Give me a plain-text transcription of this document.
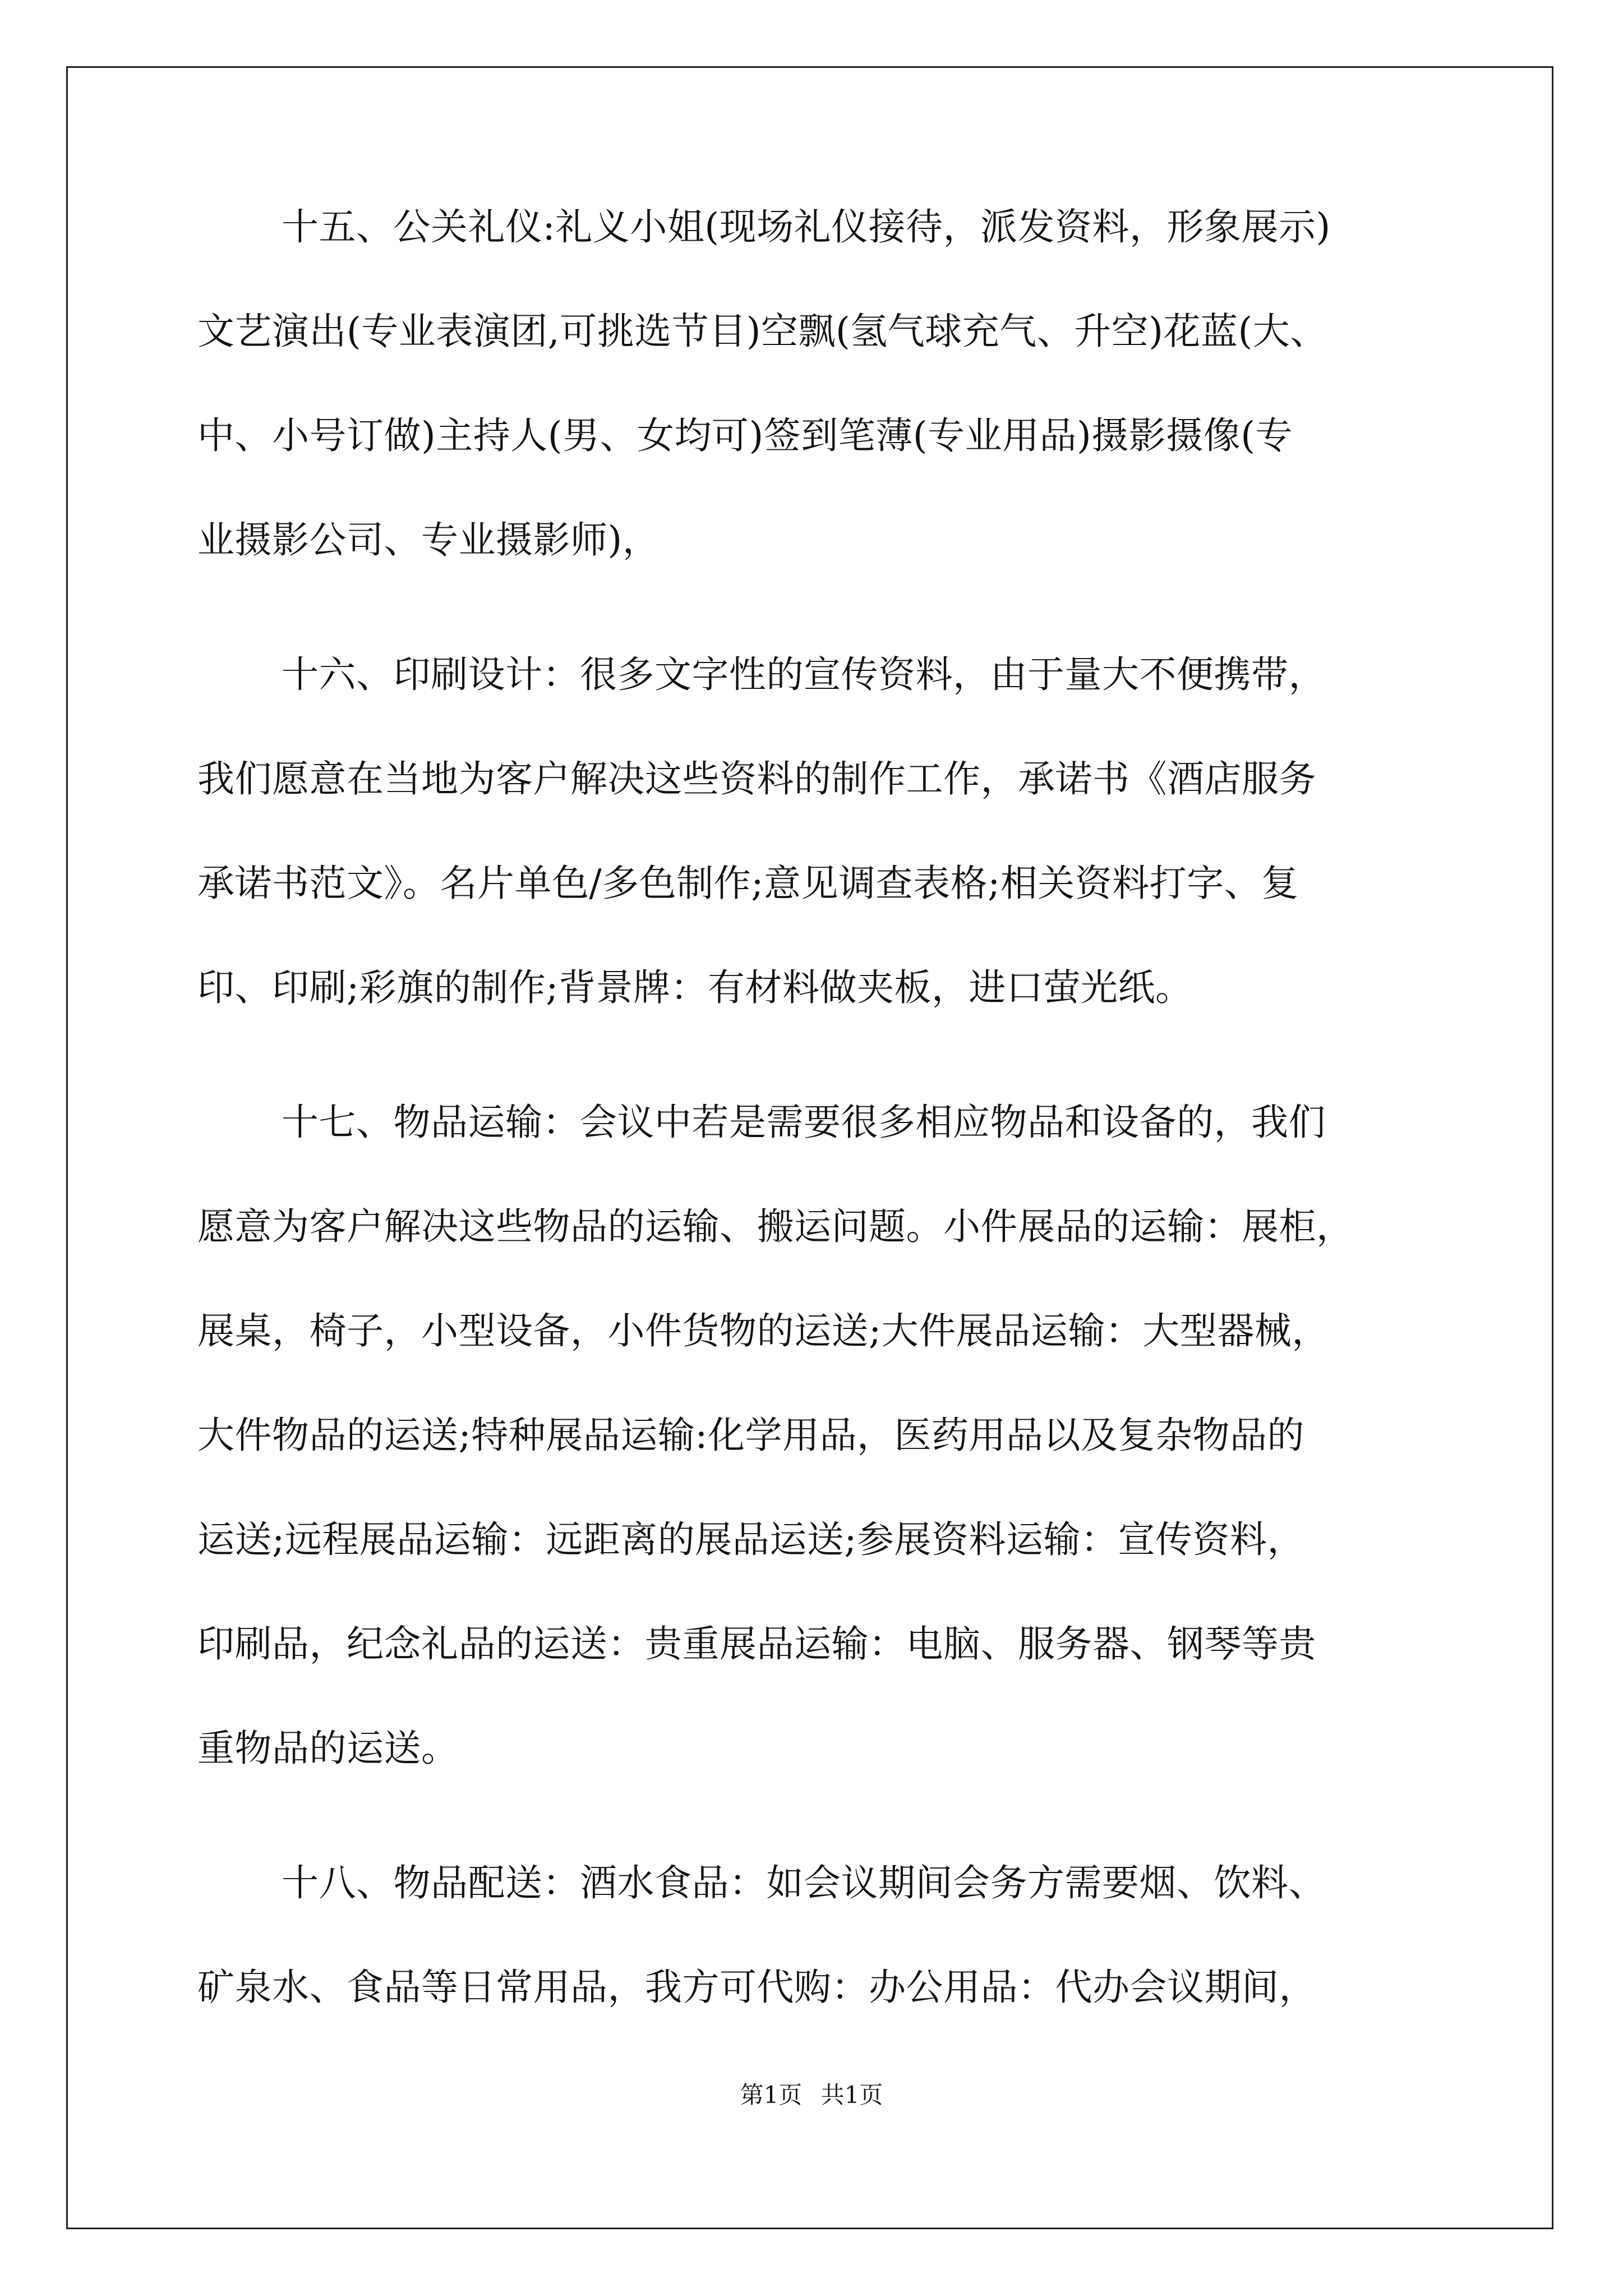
十五、公关礼仪:礼义小姐(现场礼仪接待，派发资料，形象展示)
文艺演出(专业表演团,可挑选节目)空飘(氢气球充气、升空)花蓝(大、
中、小号订做)主持人(男、女均可)签到笔薄(专业用品)摄影摄像(专
业摄影公司、专业摄影师)，
十六、印刷设计：很多文字性的宣传资料，由于量大不便携带，
我们愿意在当地为客户解决这些资料的制作工作，承诺书《酒店服务
承诺书范文》。名片单色/多色制作;意见调查表格;相关资料打字、复
印、印刷;彩旗的制作;背景牌：有材料做夹板，进口萤光纸。
十七、物品运输：会议中若是需要很多相应物品和设备的，我们
愿意为客户解决这些物品的运输、搬运问题。小件展品的运输：展柜，
展桌，椅子，小型设备，小件货物的运送;大件展品运输：大型器械，
大件物品的运送;特种展品运输:化学用品，医药用品以及复杂物品的
运送;远程展品运输：远距离的展品运送;参展资料运输：宣传资料，
印刷品，纪念礼品的运送：贵重展品运输：电脑、服务器、钢琴等贵
重物品的运送。
十八、物品配送：酒水食品：如会议期间会务方需要烟、饮料、
矿泉水、食品等日常用品，我方可代购：办公用品：代办会议期间，
第1页 共1页
